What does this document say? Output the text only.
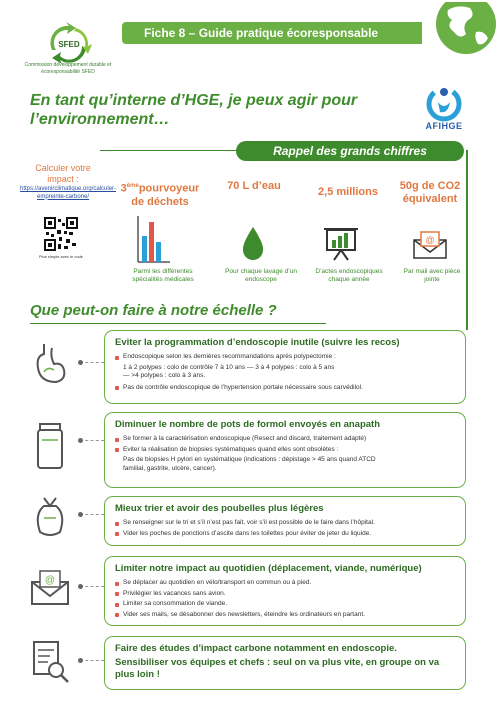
SFED
Commission développement durable et écoresponsabilité SFED
Fiche 8 – Guide pratique écoresponsable
En tant qu’interne d’HGE, je peux agir pour l’environnement…	AFIHGE
Rappel des grands chiffres
Calculer votre impact :
https://avenirclimatique.org/calculer-empreinte-carbone/
Plus simple avec le code
3èmepourvoyeur de déchets
Parmi les différentes spécialités médicales
70 L d’eau
Pour chaque lavage d’un endoscope
2,5 millions
D’actes endoscopiques chaque année
50g de CO2 équivalent
@
Par mail avec pièce jointe
Que peut-on faire à notre échelle ?
Eviter la programmation d’endoscopie inutile (suivre les recos)
Endoscopique selon les dernières recommandations après polypectomie :
1 à 2 polypes : colo de contrôle 7 à 10 ans — 3 à 4 polypes : colo à 5 ans
— >4 polypes : colo à 3 ans.
Pas de contrôle endoscopique de l’hypertension portale nécessaire sous carvédilol.
Diminuer le nombre de pots de formol envoyés en anapath
Se former à la caractérisation endoscopique (Resect and discard, traitement adapté)
Eviter la réalisation de biopsies systématiques quand elles sont obsolètes :
Pas de biopsies H pylori en systématique (indications : dépistage > 45 ans quand ATCD
familial, gastrite, ulcère, cancer).
Mieux trier et avoir des poubelles plus légères
Se renseigner sur le tri et s’il n’est pas fait, voir s’il est possible de le faire dans l’hôpital.
Vider les poches de ponctions d’ascite dans les toilettes pour éviter de jeter du liquide.
@
Limiter notre impact au quotidien (déplacement, viande, numérique)
Se déplacer au quotidien en vélo/transport en commun ou à pied.
Privilégier les vacances sans avion.
Limiter sa consommation de viande.
Vider ses mails, se désabonner des newsletters, éteindre les ordinateurs en partant.
Faire des études d’impact carbone notamment en endoscopie.
Sensibiliser vos équipes et chefs : seul on va plus vite, en groupe on va plus loin !
